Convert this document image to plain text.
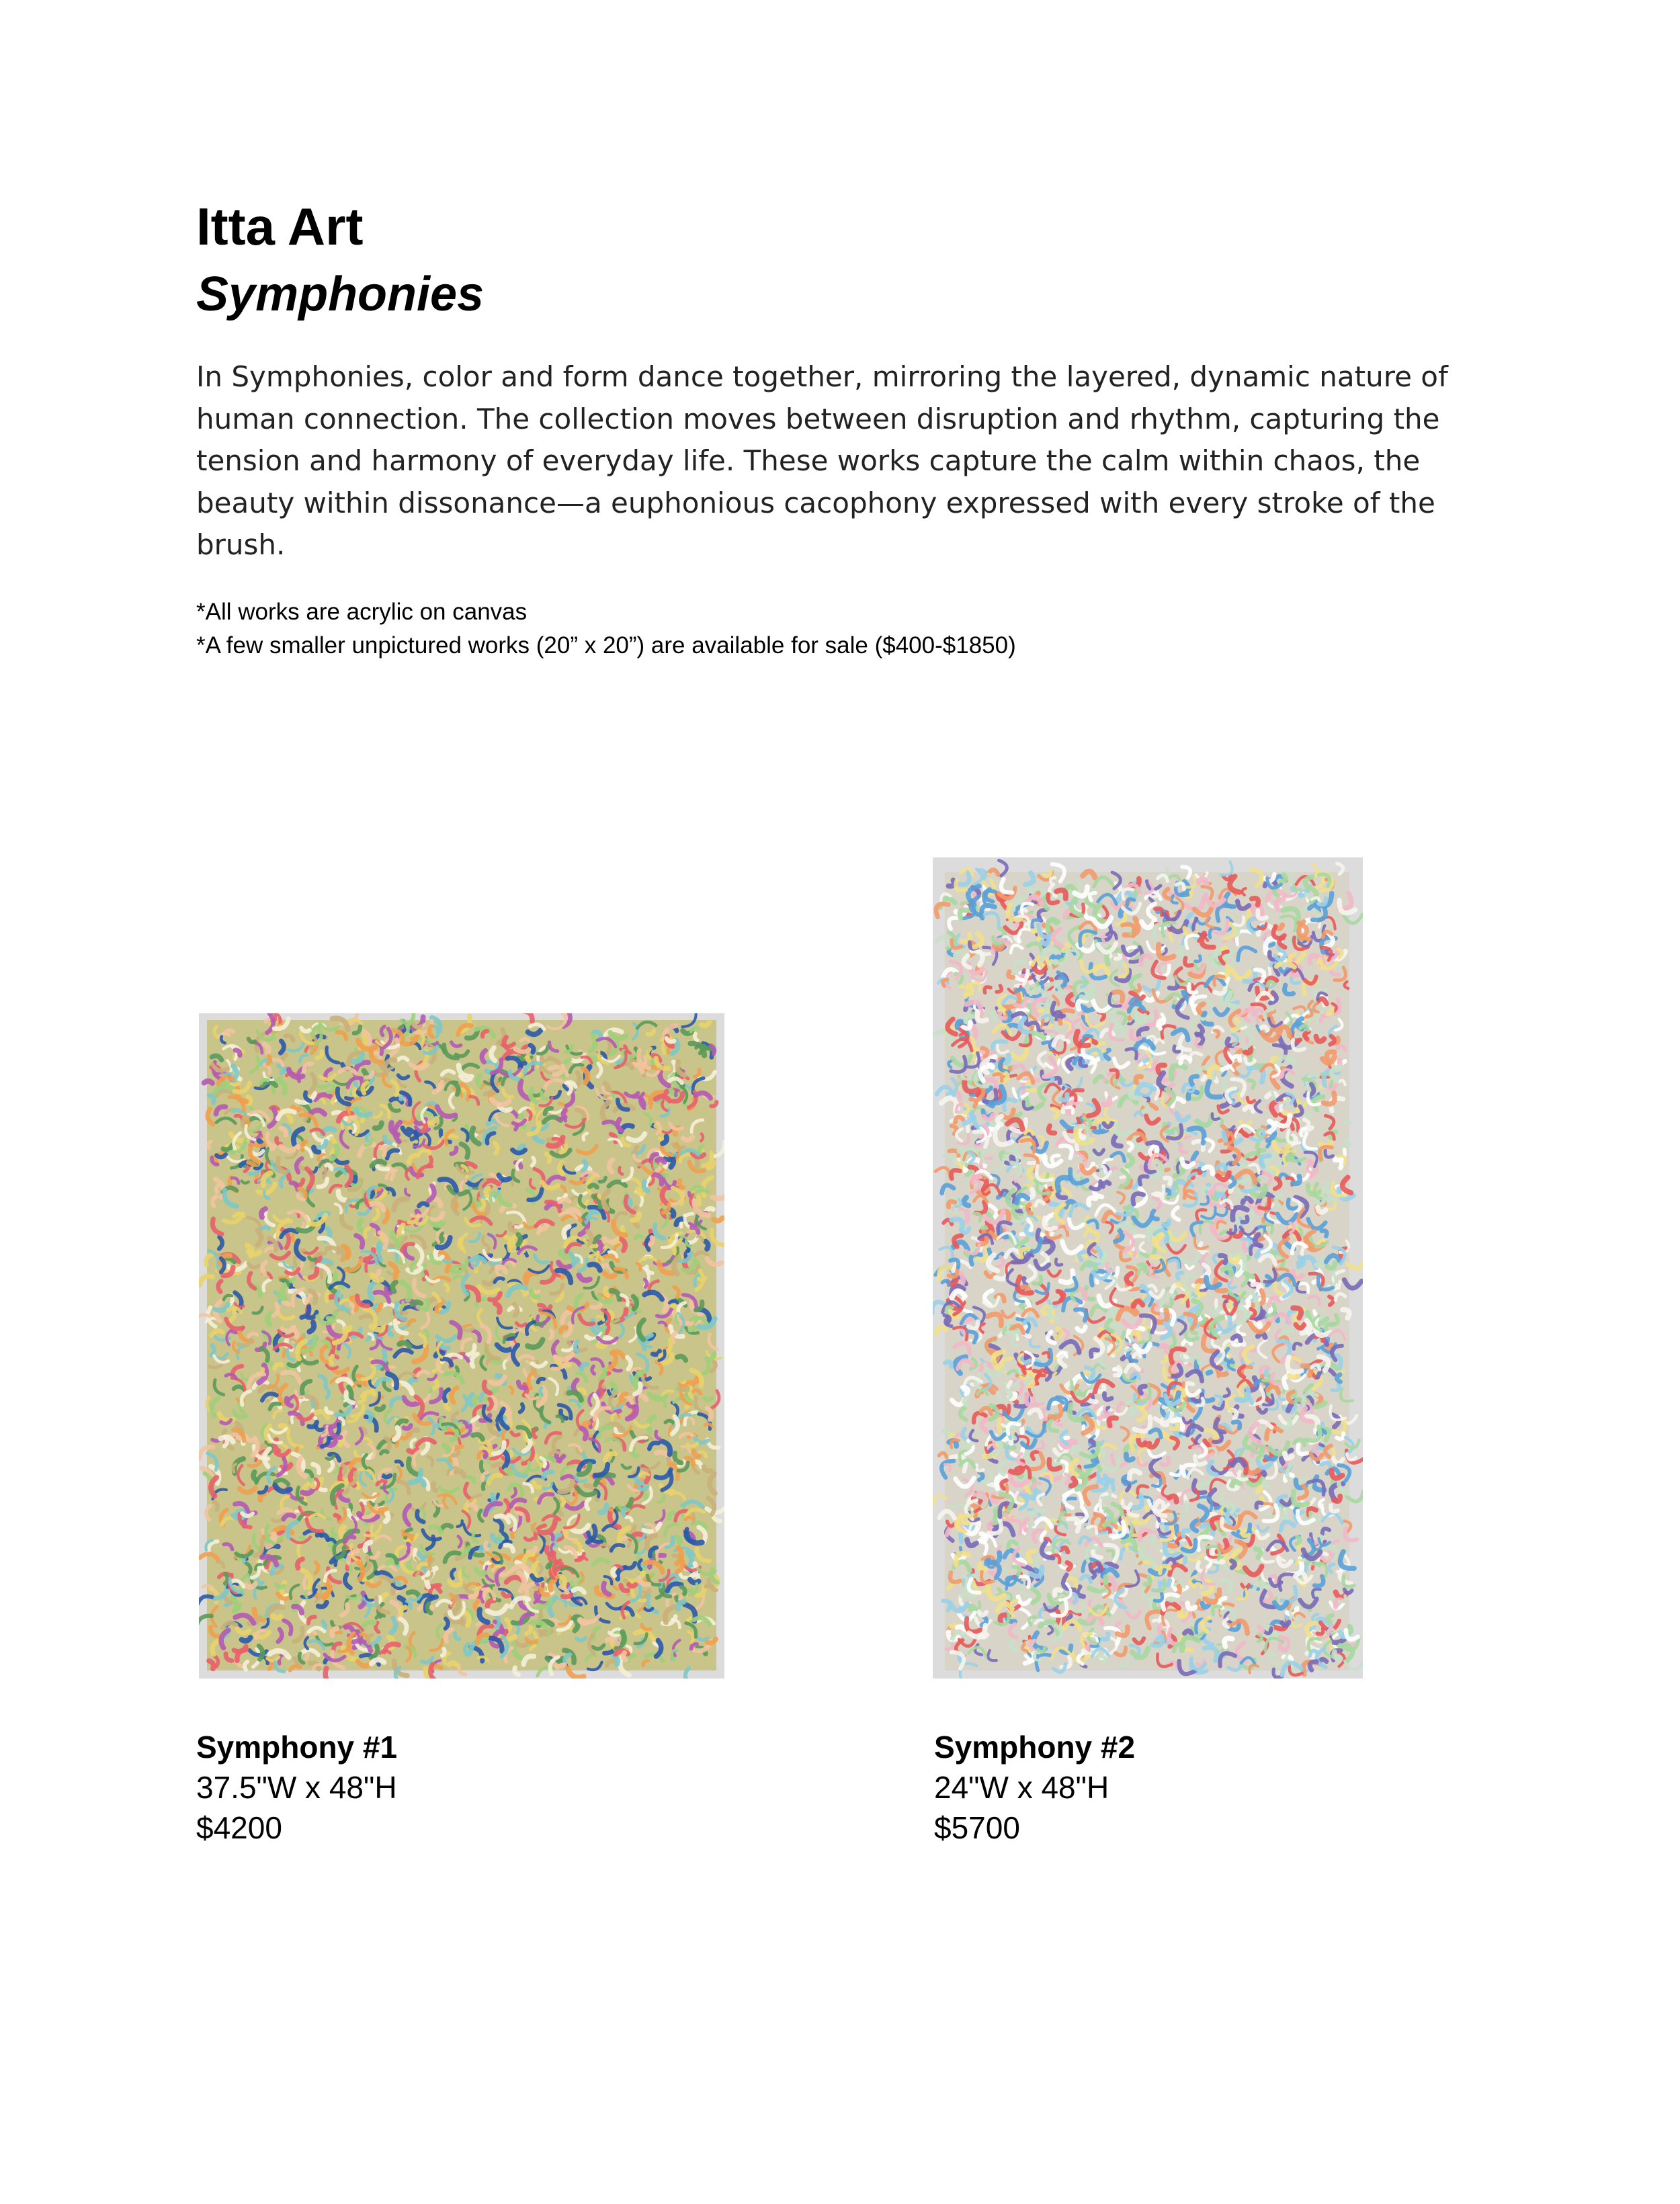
Itta Art
Symphonies

In Symphonies, color and form dance together, mirroring the layered, dynamic nature of human connection. The collection moves between disruption and rhythm, capturing the tension and harmony of everyday life. These works capture the calm within chaos, the beauty within dissonance—a euphonious cacophony expressed with every stroke of the brush.

*All works are acrylic on canvas
*A few smaller unpictured works (20” x 20”) are available for sale ($400-$1850)
Symphony #1
37.5"W x 48"H
$4200
Symphony #2
24"W x 48"H
$5700
